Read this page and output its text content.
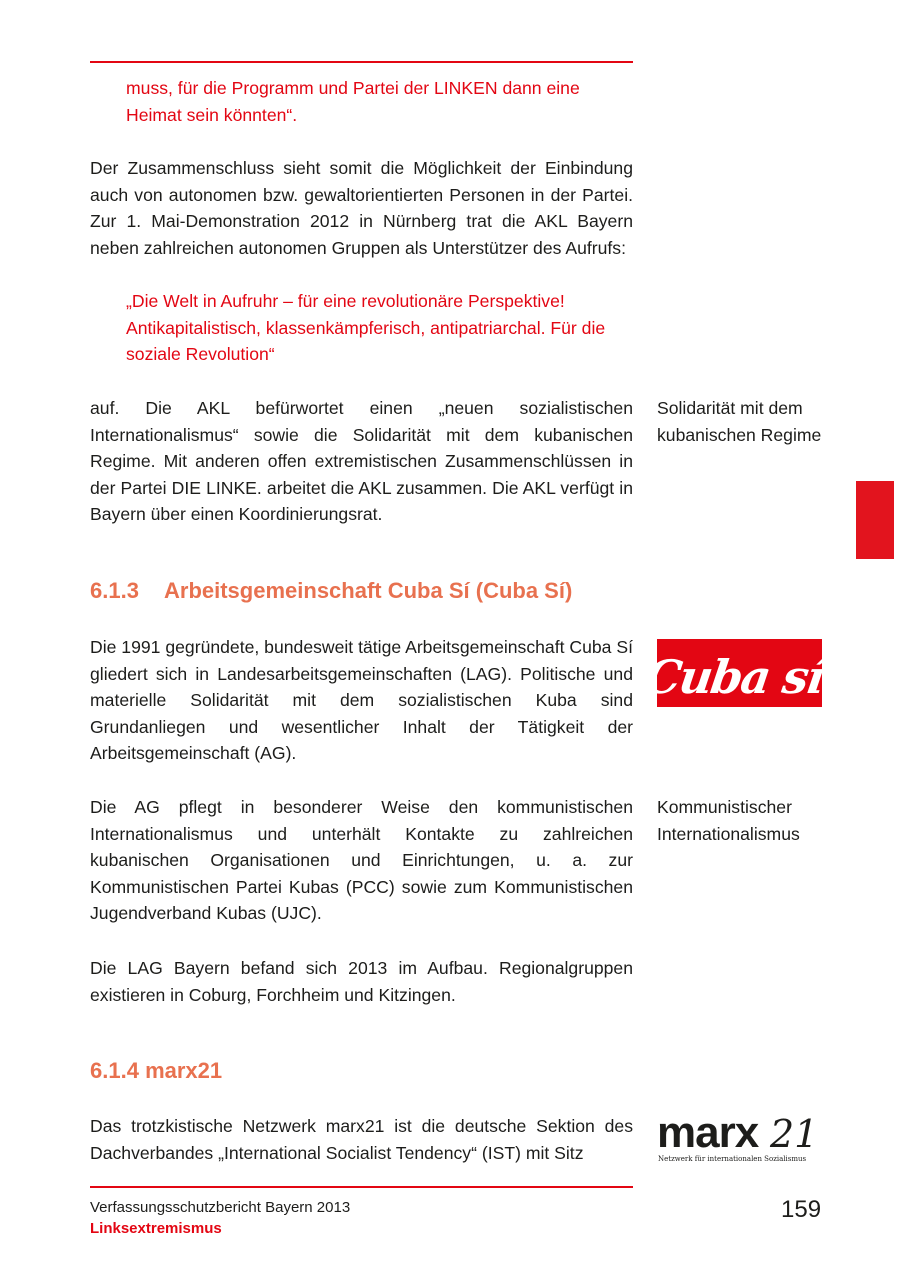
muss, für die Programm und Partei der LINKEN dann eine Heimat sein könnten“.

Der Zusammenschluss sieht somit die Möglichkeit der Einbindung auch von autonomen bzw. gewaltorientierten Personen in der Partei. Zur 1. Mai-Demonstration 2012 in Nürnberg trat die AKL Bayern neben zahlreichen autonomen Gruppen als Unterstützer des Aufrufs:

„Die Welt in Aufruhr – für eine revolutionäre Perspektive! Antikapitalistisch, klassenkämpferisch, antipatriarchal. Für die soziale Revolution“

auf. Die AKL befürwortet einen „neuen sozialistischen Internationalismus“ sowie die Solidarität mit dem kubanischen Regime. Mit anderen offen extremistischen Zusammenschlüssen in der Partei DIE LINKE. arbeitet die AKL zusammen. Die AKL verfügt in Bayern über einen Koordinierungsrat.

Solidarität mit dem kubanischen Regime

6.1.3 Arbeitsgemeinschaft Cuba Sí (Cuba Sí)

Die 1991 gegründete, bundesweit tätige Arbeitsgemeinschaft Cuba Sí gliedert sich in Landesarbeitsgemeinschaften (LAG). Politische und materielle Solidarität mit dem sozialistischen Kuba sind Grundanliegen und wesentlicher Inhalt der Tätigkeit der Arbeitsgemeinschaft (AG).

Cuba sí

Die AG pflegt in besonderer Weise den kommunistischen Internationalismus und unterhält Kontakte zu zahlreichen kubanischen Organisationen und Einrichtungen, u. a. zur Kommunistischen Partei Kubas (PCC) sowie zum Kommunistischen Jugendverband Kubas (UJC).

Kommunistischer Internationalismus

Die LAG Bayern befand sich 2013 im Aufbau. Regionalgruppen existieren in Coburg, Forchheim und Kitzingen.

6.1.4 marx21

Das trotzkistische Netzwerk marx21 ist die deutsche Sektion des Dachverbandes „International Socialist Tendency“ (IST) mit Sitz	marx 21
Netzwerk für internationalen Sozialismus

Verfassungsschutzbericht Bayern 2013

Linksextremismus

159
